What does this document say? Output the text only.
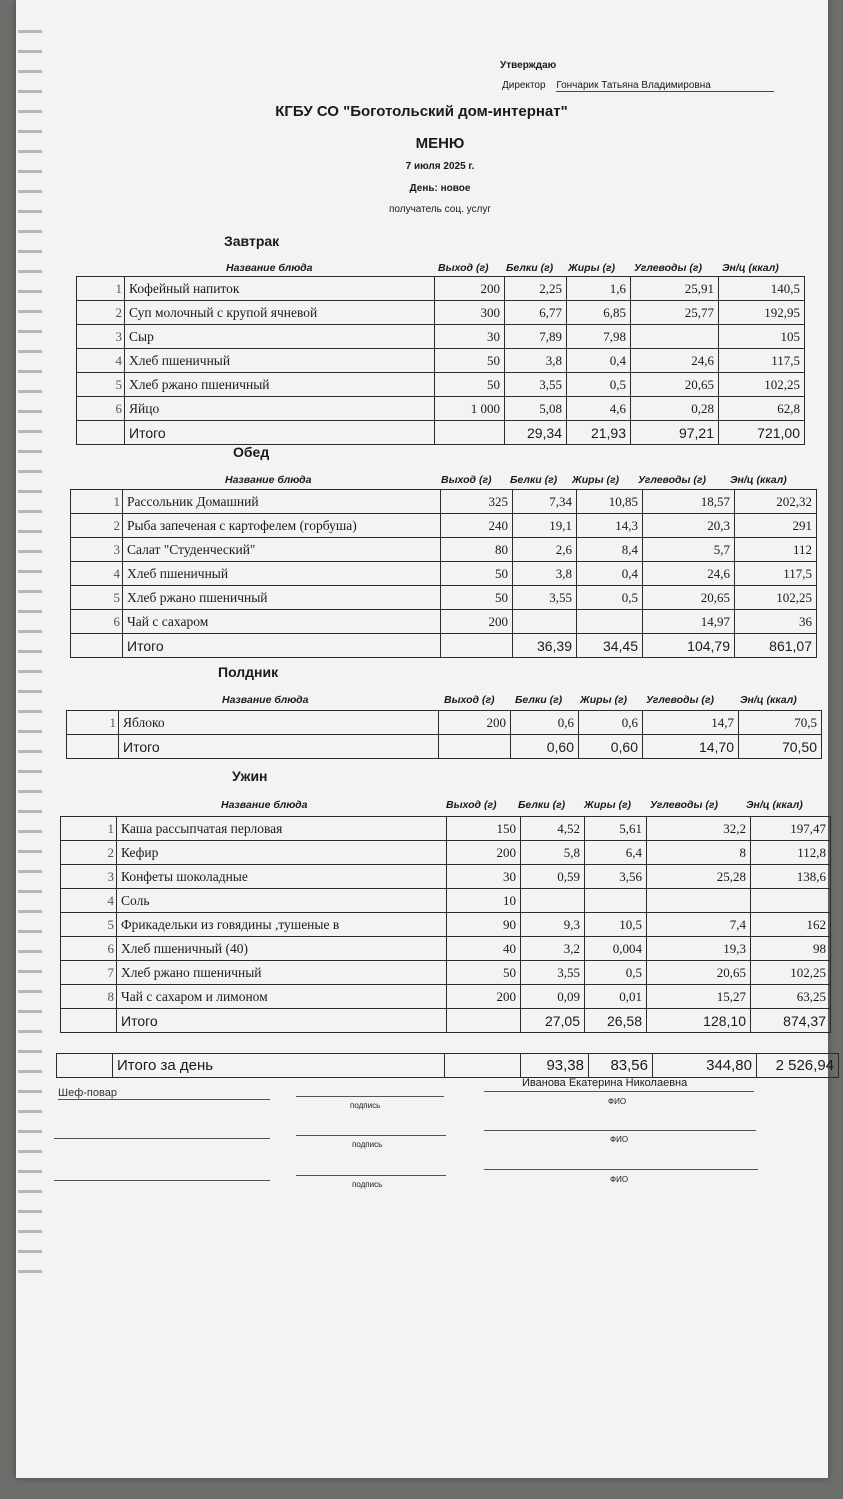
Утверждаю
Директор Гончарик Татьяна Владимировна
КГБУ СО "Боготольский дом-интернат"
МЕНЮ
7 июля 2025 г.
День: новое
получатель соц. услуг
Завтрак
Название блюда	Выход (г) Белки (г) Жиры (г) Углеводы (г) Эн/ц (ккал)
1	Кофейный напиток	200	2,25	1,6	25,91	140,5
2	Суп молочный с крупой ячневой	300	6,77	6,85	25,77	192,95
3	Сыр	30	7,89	7,98		105
4	Хлеб пшеничный	50	3,8	0,4	24,6	117,5
5	Хлеб ржано пшеничный	50	3,55	0,5	20,65	102,25
6	Яйцо	1 000	5,08	4,6	0,28	62,8
	Итого		29,34	21,93	97,21	721,00
Обед
Название блюда	Выход (г) Белки (г) Жиры (г) Углеводы (г) Эн/ц (ккал)
1	Рассольник Домашний	325	7,34	10,85	18,57	202,32
2	Рыба запеченая с картофелем (горбуша)	240	19,1	14,3	20,3	291
3	Салат "Студенческий"	80	2,6	8,4	5,7	112
4	Хлеб пшеничный	50	3,8	0,4	24,6	117,5
5	Хлеб ржано пшеничный	50	3,55	0,5	20,65	102,25
6	Чай с сахаром	200			14,97	36
	Итого		36,39	34,45	104,79	861,07
Полдник
Название блюда	Выход (г) Белки (г) Жиры (г) Углеводы (г) Эн/ц (ккал)
1	Яблоко	200	0,6	0,6	14,7	70,5
	Итого		0,60	0,60	14,70	70,50
Ужин
Название блюда	Выход (г) Белки (г) Жиры (г) Углеводы (г)	Эн/ц (ккал)
1	Каша рассыпчатая перловая	150	4,52	5,61	32,2	197,47
2	Кефир	200	5,8	6,4	8	112,8
3	Конфеты шоколадные	30	0,59	3,56	25,28	138,6
4	Соль	10				
5	Фрикадельки из говядины ,тушеные в	90	9,3	10,5	7,4	162
6	Хлеб пшеничный (40)	40	3,2	0,004	19,3	98
7	Хлеб ржано пшеничный	50	3,55	0,5	20,65	102,25
8	Чай с сахаром и лимоном	200	0,09	0,01	15,27	63,25
	Итого		27,05	26,58	128,10	874,37
	Итого за день		93,38	83,56	344,80	2 526,94
Шеф-повар
подпись
Иванова Екатерина Николаевна
ФИО
подпись
ФИО
подпись
ФИО
